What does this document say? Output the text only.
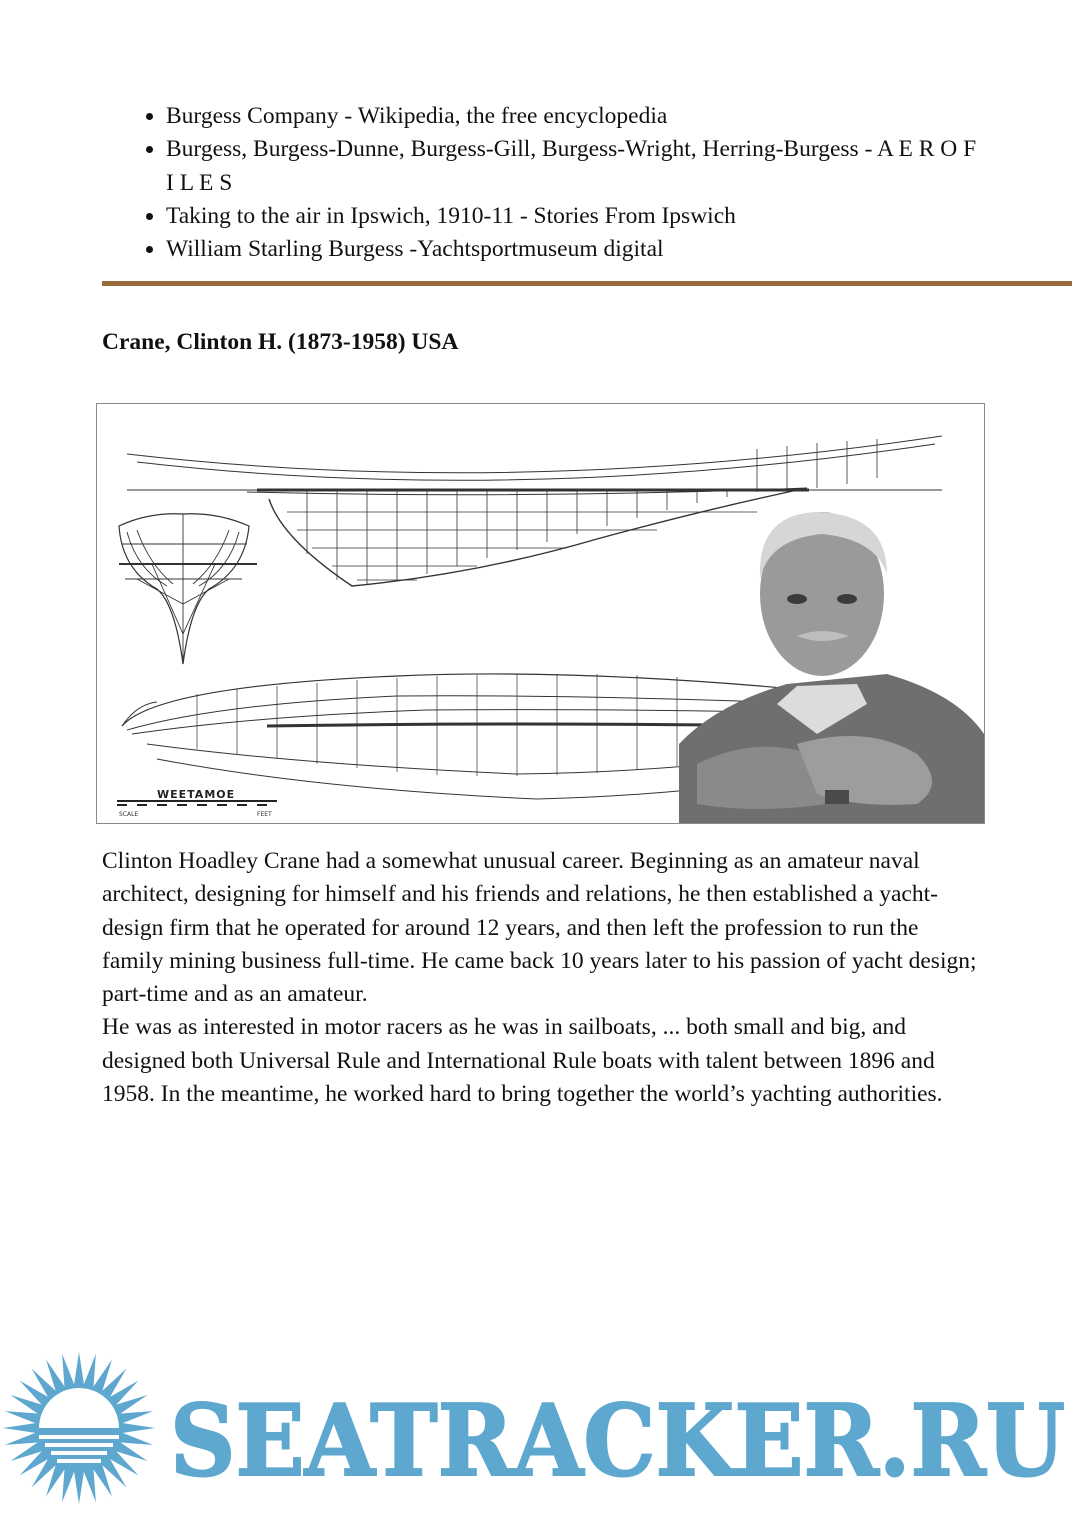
• Burgess Company - Wikipedia, the free encyclopedia
• Burgess, Burgess-Dunne, Burgess-Gill, Burgess-Wright, Herring-Burgess - A E R O F I L E S
• Taking to the air in Ipswich, 1910-11 - Stories From Ipswich
• William Starling Burgess -Yachtsportmuseum digital
Crane, Clinton H. (1873-1958) USA
WEETAMOE
SCALE	FEET

Clinton Hoadley Crane had a somewhat unusual career. Beginning as an amateur naval architect, designing for himself and his friends and relations, he then established a yacht-design firm that he operated for around 12 years, and then left the profession to run the family mining business full-time. He came back 10 years later to his passion of yacht design; part-time and as an amateur.

He was as interested in motor racers as he was in sailboats, ... both small and big, and designed both Universal Rule and International Rule boats with talent between 1896 and 1958. In the meantime, he worked hard to bring together the world’s yachting authorities.

SEATRACKER.RU
